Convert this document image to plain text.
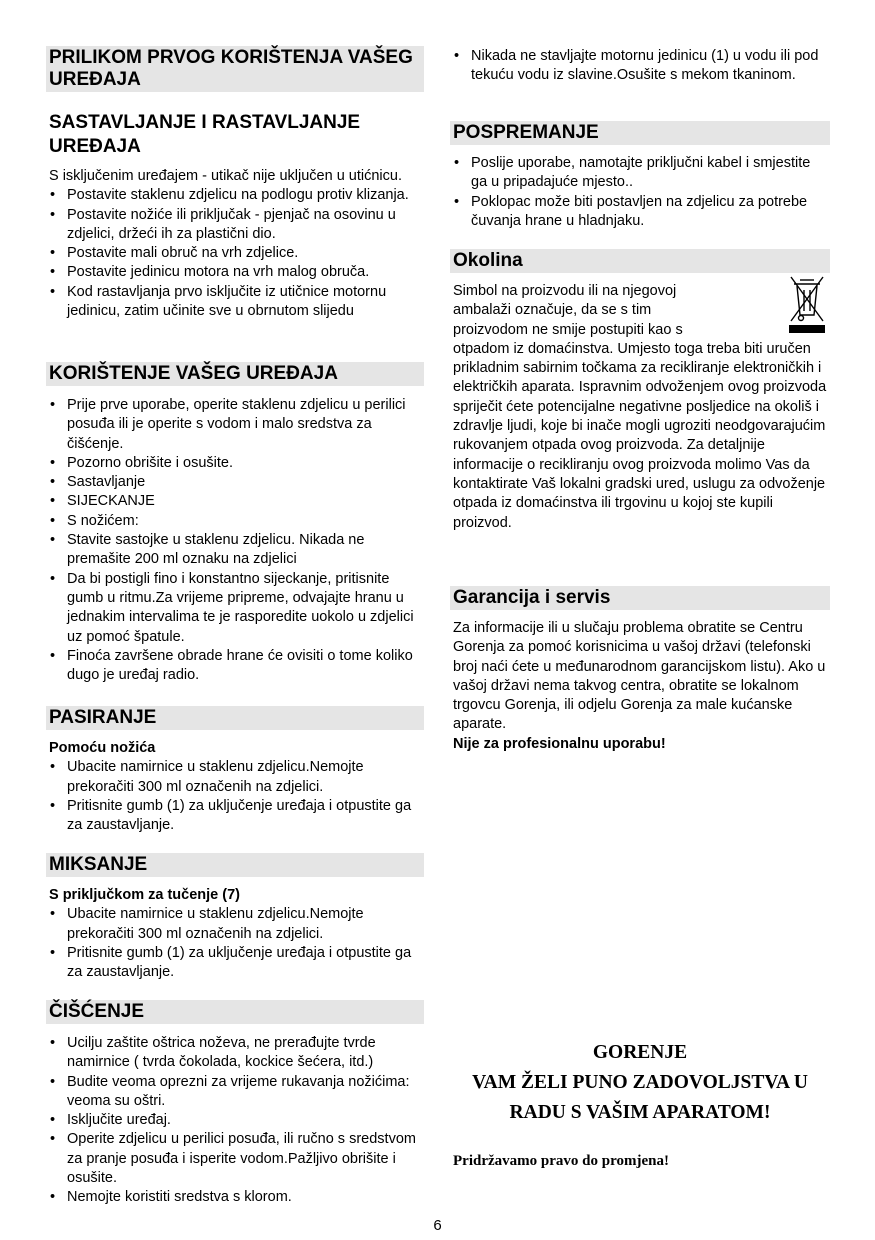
PRILIKOM PRVOG KORIŠTENJA VAŠEG UREĐAJA
SASTAVLJANJE I RASTAVLJANJE UREĐAJA
S isključenim uređajem - utikač nije uključen u utićnicu.
• Postavite staklenu zdjelicu na podlogu protiv klizanja.
• Postavite nožiće ili priključak - pjenjač na osovinu u zdjelici, držeći ih za plastični dio.
• Postavite mali obruč na vrh zdjelice.
• Postavite jedinicu motora na vrh malog obruča.
• Kod rastavljanja prvo isključite iz utičnice motornu jedinicu, zatim učinite sve u obrnutom slijedu
KORIŠTENJE VAŠEG UREĐAJA
• Prije prve uporabe, operite staklenu zdjelicu u perilici posuđa ili je operite s vodom i malo sredstva za čišćenje.
• Pozorno obrišite i osušite.
• Sastavljanje
• SIJECKANJE
• S nožićem:
• Stavite sastojke u staklenu zdjelicu. Nikada ne premašite 200 ml oznaku na zdjelici
• Da bi postigli fino i konstantno sijeckanje, pritisnite gumb u ritmu.Za vrijeme pripreme, odvajajte hranu u jednakim intervalima te je rasporedite uokolo u zdjelici uz pomoć špatule.
• Finoća završene obrade hrane će ovisiti o tome koliko dugo je uređaj radio.
PASIRANJE
Pomoću nožića
• Ubacite namirnice u staklenu zdjelicu.Nemojte prekoračiti 300 ml označenih na zdjelici.
• Pritisnite gumb (1) za uključenje uređaja i otpustite ga za zaustavljanje.
MIKSANJE
S priključkom za tučenje (7)
• Ubacite namirnice u staklenu zdjelicu.Nemojte prekoračiti 300 ml označenih na zdjelici.
• Pritisnite gumb (1) za uključenje uređaja i otpustite ga za zaustavljanje.
ČIŠĆENJE
• Ucilju zaštite oštrica noževa, ne prerađujte tvrde namirnice ( tvrda čokolada, kockice šećera, itd.)
• Budite veoma oprezni za vrijeme rukavanja nožićima: veoma su oštri.
• Isključite uređaj.
• Operite zdjelicu u perilici posuđa, ili ručno s sredstvom za pranje posuđa i isperite vodom.Pažljivo obrišite i osušite.
• Nemojte koristiti sredstva s klorom.
• Nikada ne stavljajte motornu jedinicu (1) u vodu ili pod tekuću vodu iz slavine.Osušite s mekom tkaninom.
POSPREMANJE
• Poslije uporabe, namotajte priključni kabel i smjestite ga u pripadajuće mjesto..
• Poklopac može biti postavljen na zdjelicu za potrebe čuvanja hrane u hladnjaku.
Okolina
Simbol na proizvodu ili na njegovoj
ambalaži označuje, da se s tim
proizvodom ne smije postupiti kao s
otpadom iz domaćinstva. Umjesto toga treba biti uručen prikladnim sabirnim točkama za recikliranje elektroničkih i električkih aparata. Ispravnim odvoženjem ovog proizvoda spriječit ćete potencijalne negativne posljedice na okoliš i zdravlje ljudi, koje bi inače mogli ugroziti neodgovarajućim rukovanjem otpada ovog proizvoda. Za detaljnije informacije o recikliranju ovog proizvoda molimo Vas da kontaktirate Vaš lokalni gradski ured, uslugu za odvoženje otpada iz domaćinstva ili trgovinu u kojoj ste kupili proizvod.
Garancija i servis
Za informacije ili u slučaju problema obratite se Centru Gorenja za pomoć korisnicima u vašoj državi (telefonski broj naći ćete u međunarodnom garancijskom listu). Ako u vašoj državi nema takvog centra, obratite se lokalnom trgovcu Gorenja, ili odjelu Gorenja za male kućanske aparate.
Nije za profesionalnu uporabu!
GORENJE
VAM ŽELI PUNO ZADOVOLJSTVA U
RADU S VAŠIM APARATOM!
Pridržavamo pravo do promjena!
6
